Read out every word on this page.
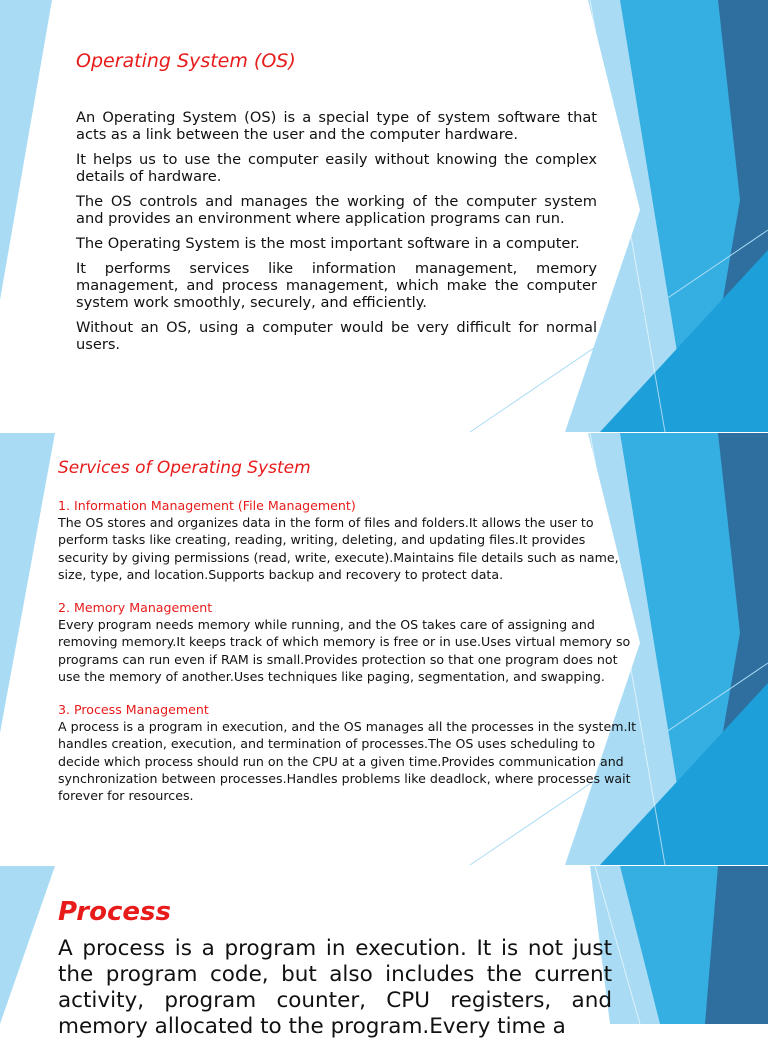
Operating System (OS)

An Operating System (OS) is a special type of system software that acts as a link between the user and the computer hardware.

It helps us to use the computer easily without knowing the complex details of hardware.

The OS controls and manages the working of the computer system and provides an environment where application programs can run.

The Operating System is the most important software in a computer.

It performs services like information management, memory management, and process management, which make the computer system work smoothly, securely, and efficiently.

Without an OS, using a computer would be very difficult for normal users.

Services of Operating System
1. Information Management (File Management)

The OS stores and organizes data in the form of files and folders.It allows the user to perform tasks like creating, reading, writing, deleting, and updating files.It provides security by giving permissions (read, write, execute).Maintains file details such as name, size, type, and location.Supports backup and recovery to protect data.

2. Memory Management

Every program needs memory while running, and the OS takes care of assigning and removing memory.It keeps track of which memory is free or in use.Uses virtual memory so programs can run even if RAM is small.Provides protection so that one program does not use the memory of another.Uses techniques like paging, segmentation, and swapping.

3. Process Management

A process is a program in execution, and the OS manages all the processes in the system.It handles creation, execution, and termination of processes.The OS uses scheduling to decide which process should run on the CPU at a given time.Provides communication and synchronization between processes.Handles problems like deadlock, where processes wait forever for resources.

Process

A process is a program in execution. It is not just the program code, but also includes the current activity, program counter, CPU registers, and memory allocated to the program.Every time a
